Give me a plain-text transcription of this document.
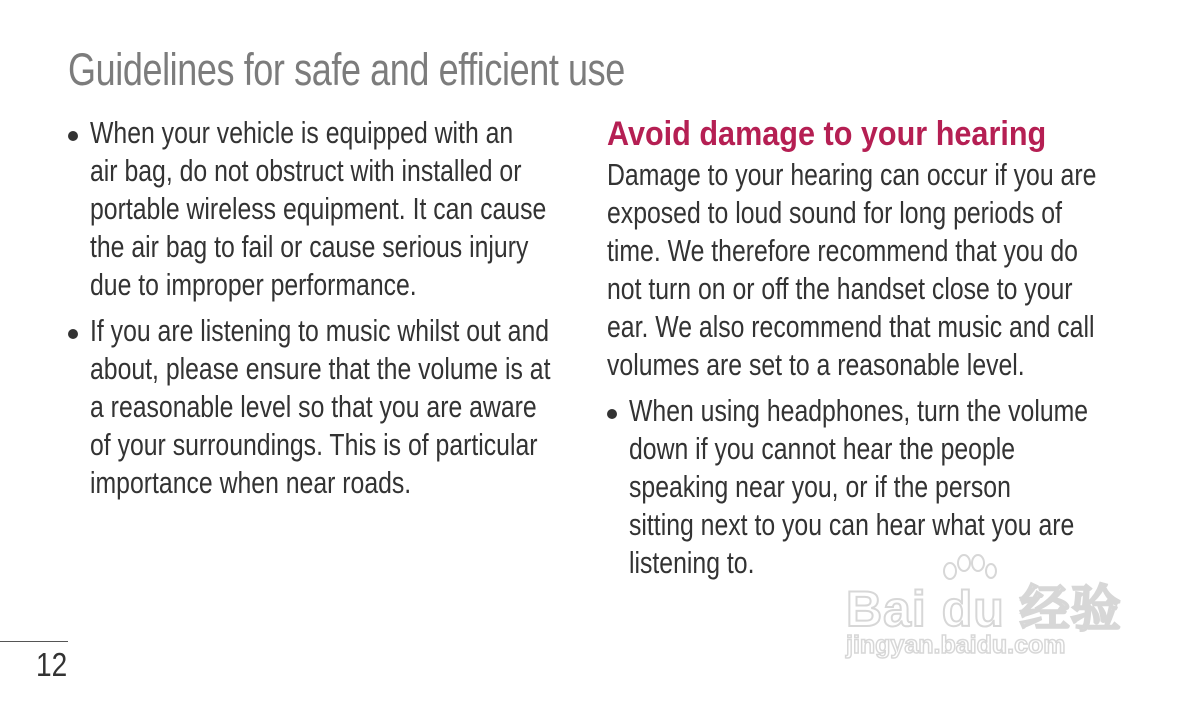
Guidelines for safe and efficient use
When your vehicle is equipped with an
air bag, do not obstruct with installed or
portable wireless equipment. It can cause
the air bag to fail or cause serious injury
due to improper performance.
If you are listening to music whilst out and
about, please ensure that the volume is at
a reasonable level so that you are aware
of your surroundings. This is of particular
importance when near roads.
Avoid damage to your hearing
Damage to your hearing can occur if you are
exposed to loud sound for long periods of
time. We therefore recommend that you do
not turn on or off the handset close to your
ear. We also recommend that music and call
volumes are set to a reasonable level.
When using headphones, turn the volume
down if you cannot hear the people
speaking near you, or if the person
sitting next to you can hear what you are
listening to.
12
Bai du 经验
jingyan.baidu.com
